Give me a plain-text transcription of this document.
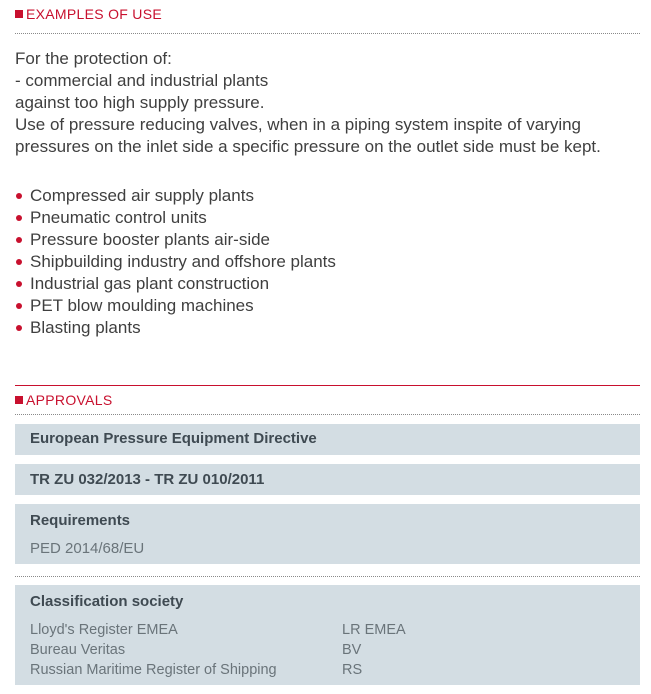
EXAMPLES OF USE

For the protection of:

- commercial and industrial plants

against too high supply pressure.

Use of pressure reducing valves, when in a piping system inspite of varying pressures on the inlet side a specific pressure on the outlet side must be kept.

Compressed air supply plants
Pneumatic control units
Pressure booster plants air-side
Shipbuilding industry and offshore plants
Industrial gas plant construction
PET blow moulding machines
Blasting plants
APPROVALS
European Pressure Equipment Directive
TR ZU 032/2013 - TR ZU 010/2011
Requirements
PED 2014/68/EU
Classification society
Lloyd's Register EMEA	LR EMEA
Bureau Veritas	BV
Russian Maritime Register of Shipping	RS
